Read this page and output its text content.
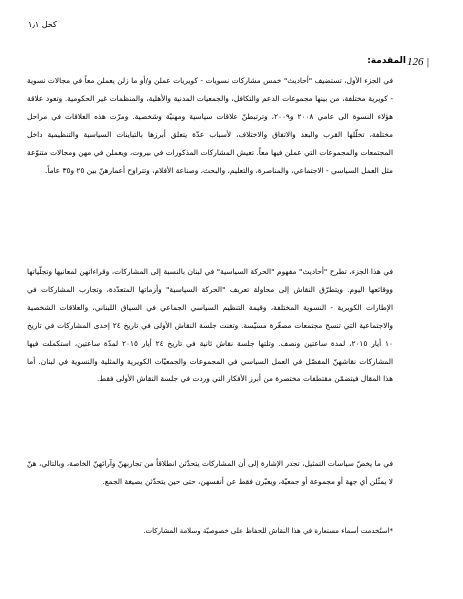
كحل ١٫١
126 |
المقدمة:
في الجزء الأول، تستضيف "أحاديث" خمس مشاركات نسويات - كويريات عملن و/أو ما زلن يعملن معاً في مجالات نسوية - كويرية مختلفة، من بينها مجموعات الدعم والتكافل، والجمعيات المدنية والأهلية، والمنظمات غير الحكومية. وتعود علاقة هؤلاء النسوة الى عامي ٢٠٠٨ و٢٠٠٩، وترتبطنّ علاقات سياسية ومهنيّة وشخصية. ومرّت هذه العلاقات في مراحل مختلفة، تخلّلها القرب والبعد والاتفاق والاختلاف، لأسباب عدّة يتعلق أبرزها بالتباينات السياسية والتنظيمية داخل المجتمعات والمجموعات التي عملن فيها معاً. تعيش المشاركات المذكورات في بيروت، ويعملن في مهن ومجالات متنوّعة مثل العمل السياسي - الاجتماعي، والمناصرة، والتعليم، والبحث، وصناعة الأفلام، وتتراوح أعمارهنّ بين ٢٥ و٣٥ عاماً.
في هذا الجزء، تطرح "أحاديث" مفهوم "الحركة السياسية" في لبنان بالنسبة إلى المشاركات، وقراءاتهن لمعانيها وتجلّياتها ووقائعها اليوم. ويتطرّق النقاش إلى محاولة تعريف "الحركة السياسية" وأزماتها المتعدّدة، وتجارب المشاركات في الإطارات الكويرية - النسوية المختلفة، وقيمة التنظيم السياسي الجماعي في السياق اللبناني، والعلاقات الشخصية والاجتماعية التي تنسج مجتمعات مصغّرة مسيّسة. وتغنت جلسة النقاش الأولى في تاريخ ٢٤ إحدى المشاركات في تاريخ ١٠ أيار ٢٠١٥، لمدة ساعتين ونصف. وتلتها جلسة نقاش ثانية في تاريخ ٢٤ أيار ٢٠١٥ لمدّة ساعتين، استكملت فيها المشاركات نقاشهنّ المفصّل في العمل السياسي في المجموعات والجمعيّات الكويرية والمثلية والنسوية في لبنان. أما هذا المقال فيتضمّن مقتطفات مختصرة من أبرز الأفكار التي وردت في جلسة النقاش الأولى فقط.
في ما يخصّ سياسات التمثيل، تجدر الإشارة إلى أن المشاركات يتحدّثن انطلاقاً من تجاربهنّ وآرائهنّ الخاصة، وبالتالي، هنّ لا يمثّلن أي جهة أو مجموعة أو جمعيّة، ويعبّرن فقط عن أنفسهن، حتى حين يتحدّثن بصيغة الجمع.
*استُخدمت أسماء مستعارة في هذا النقاش للحفاظ على خصوصيّة وسلامة المشاركات.
